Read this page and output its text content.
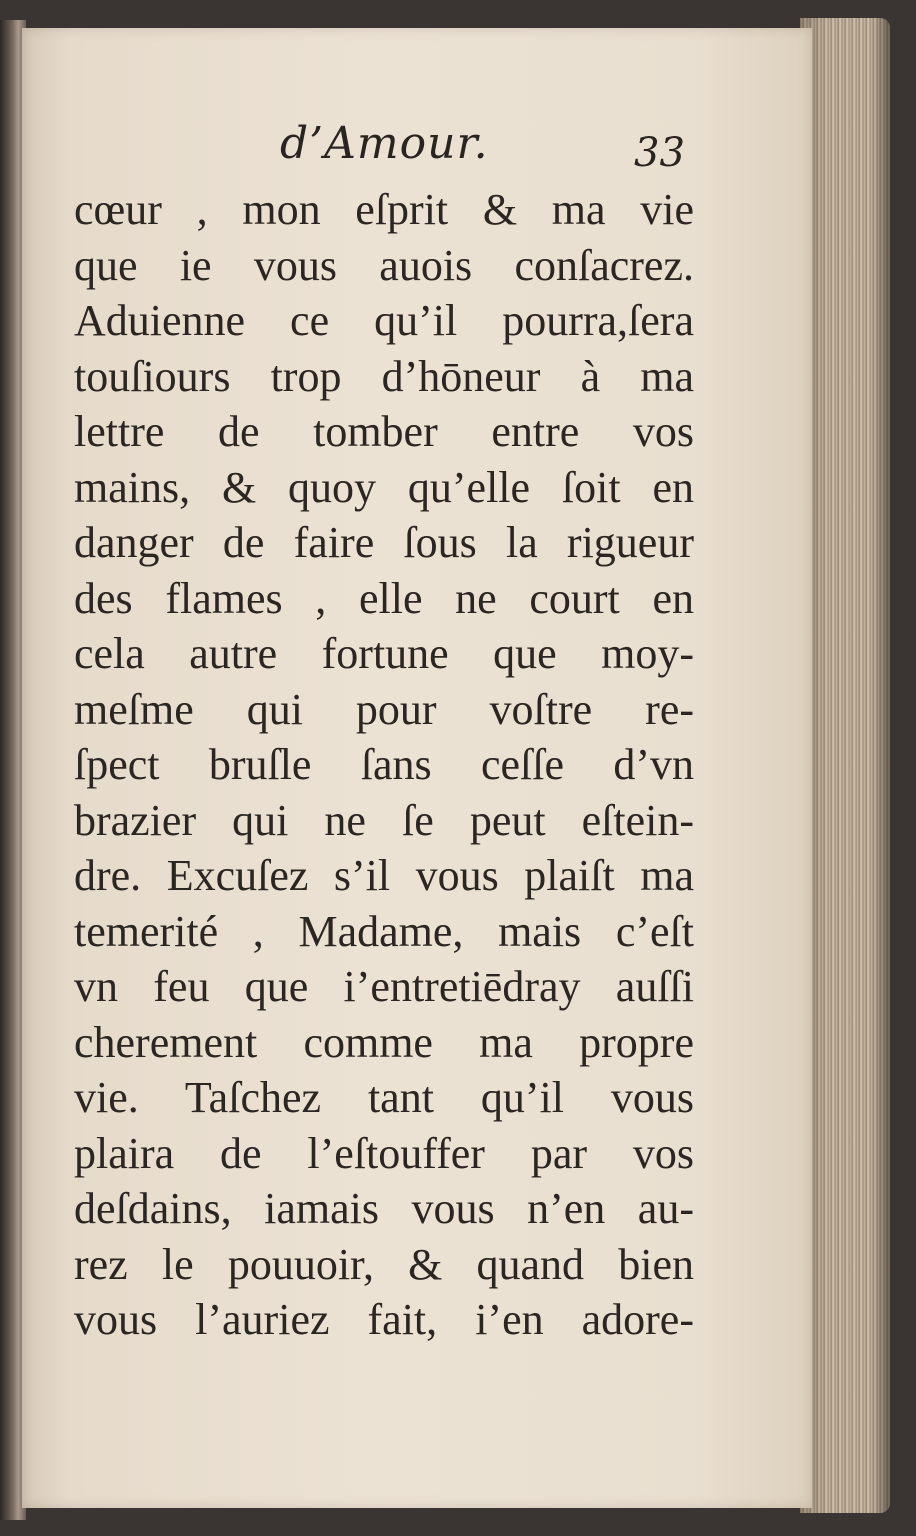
d’Amour.	33
cœur , mon eſprit & ma vie
que ie vous auois conſacrez.
Aduienne ce qu’il pourra,ſera
touſiours trop d’hōneur à ma
lettre de tomber entre vos
mains, & quoy qu’elle ſoit en
danger de faire ſous la rigueur
des flames , elle ne court en
cela autre fortune que moy-
meſme qui pour voſtre re-
ſpect bruſle ſans ceſſe d’vn
brazier qui ne ſe peut eſtein-
dre. Excuſez s’il vous plaiſt ma
temerité , Madame, mais c’eſt
vn feu que i’entretiēdray auſſi
cherement comme ma propre
vie. Taſchez tant qu’il vous
plaira de l’eſtouffer par vos
deſdains, iamais vous n’en au-
rez le pouuoir, & quand bien
vous l’auriez fait, i’en adore-
